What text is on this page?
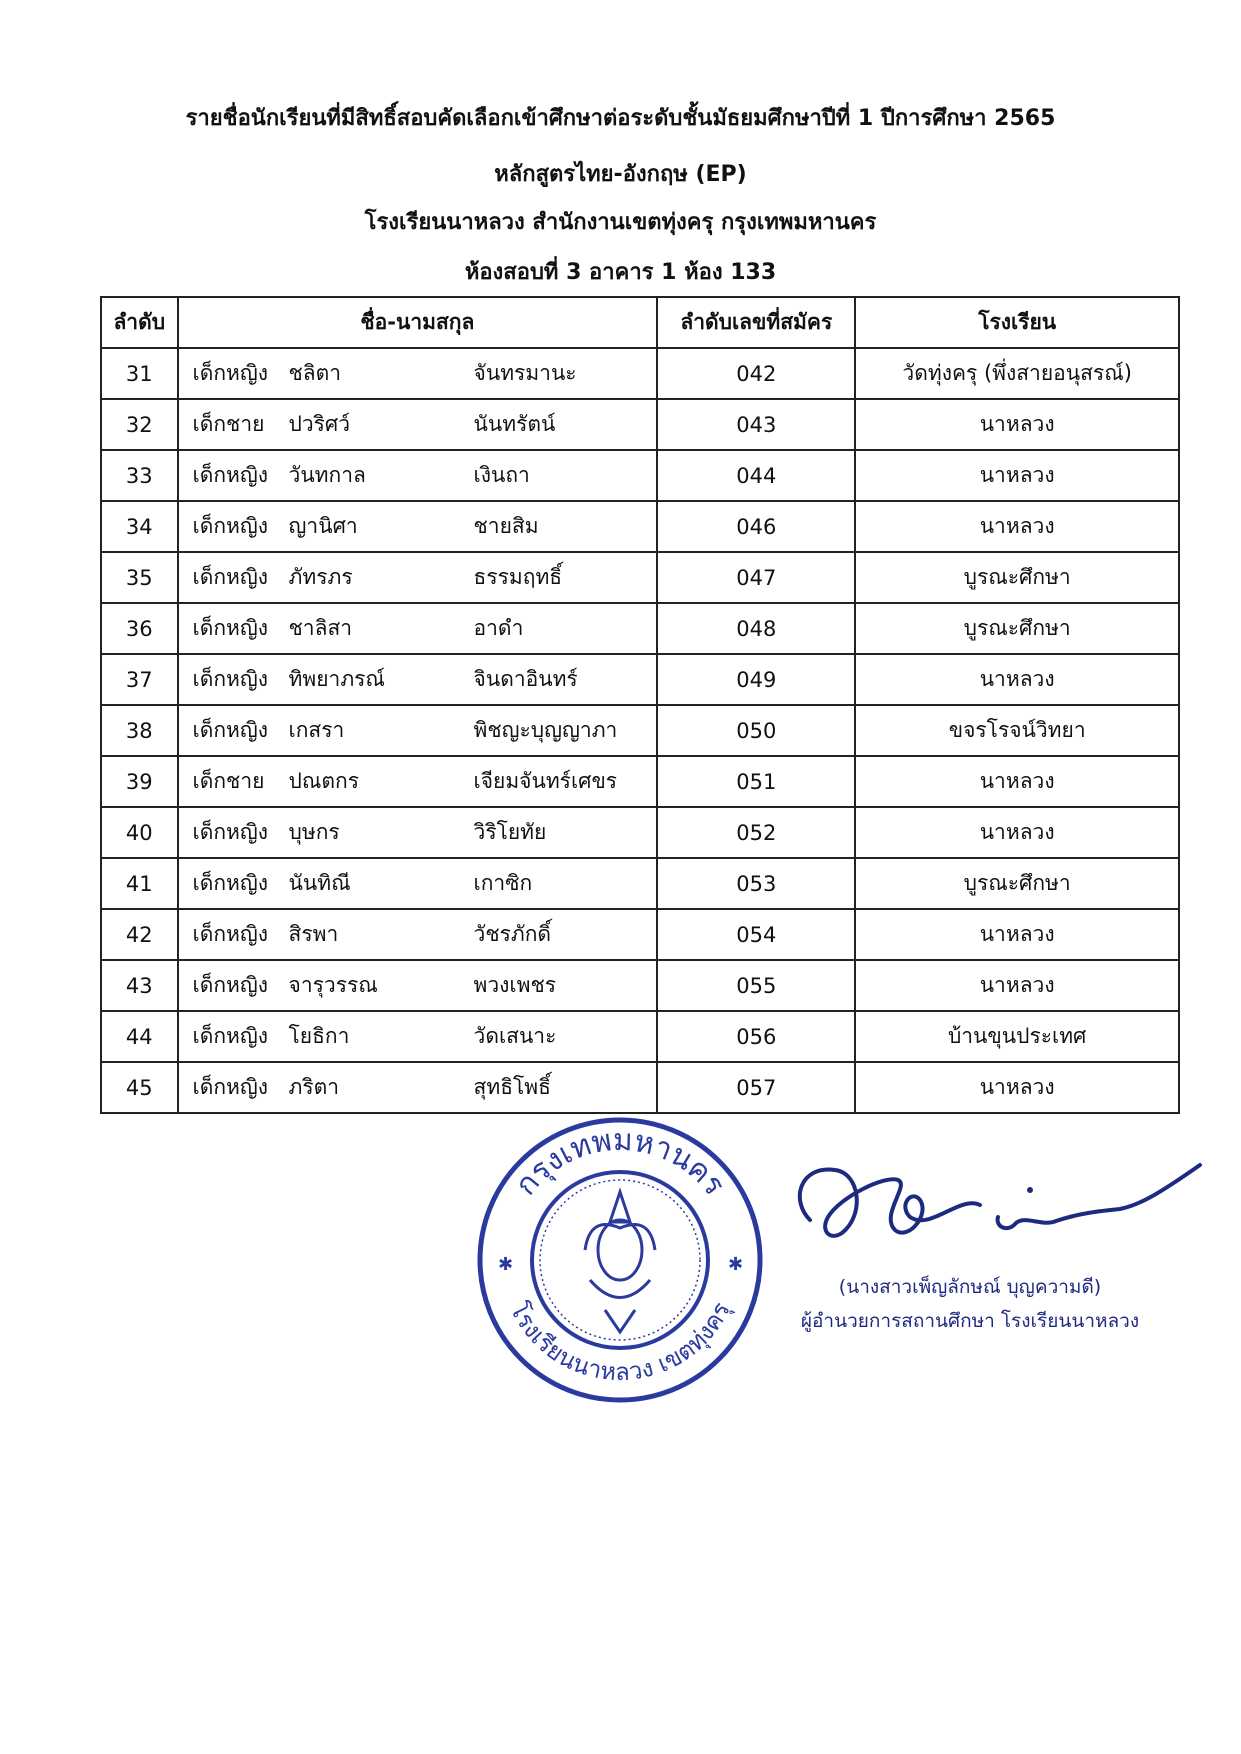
รายชื่อนักเรียนที่มีสิทธิ์สอบคัดเลือกเข้าศึกษาต่อระดับชั้นมัธยมศึกษาปีที่ 1 ปีการศึกษา 2565
หลักสูตรไทย-อังกฤษ (EP)
โรงเรียนนาหลวง สำนักงานเขตทุ่งครุ กรุงเทพมหานคร
ห้องสอบที่ 3 อาคาร 1 ห้อง 133
ลำดับ	ชื่อ-นามสกุล	ลำดับเลขที่สมัคร	โรงเรียน
31	เด็กหญิง ชลิตา จันทรมานะ	042	วัดทุ่งครุ (พึ่งสายอนุสรณ์)
32	เด็กชาย ปวริศว์ นันทรัตน์	043	นาหลวง
33	เด็กหญิง วันทกาล เงินถา	044	นาหลวง
34	เด็กหญิง ญานิศา ชายสิม	046	นาหลวง
35	เด็กหญิง ภัทรภร ธรรมฤทธิ์	047	บูรณะศึกษา
36	เด็กหญิง ชาลิสา อาดำ	048	บูรณะศึกษา
37	เด็กหญิง ทิพยาภรณ์ จินดาอินทร์	049	นาหลวง
38	เด็กหญิง เกสรา พิชญะบุญญาภา	050	ขจรโรจน์วิทยา
39	เด็กชาย ปณตกร เจียมจันทร์เศขร	051	นาหลวง
40	เด็กหญิง บุษกร วิริโยทัย	052	นาหลวง
41	เด็กหญิง นันทิณี เกาซิก	053	บูรณะศึกษา
42	เด็กหญิง สิรพา วัชรภักดิ์	054	นาหลวง
43	เด็กหญิง จารุวรรณ พวงเพชร	055	นาหลวง
44	เด็กหญิง โยธิกา วัดเสนาะ	056	บ้านขุนประเทศ
45	เด็กหญิง ภริตา สุทธิโพธิ์	057	นาหลวง
กรุงเทพมหานคร
โรงเรียนนาหลวง เขตทุ่งครุ
✱	✱
(นางสาวเพ็ญลักษณ์ บุญความดี)
ผู้อำนวยการสถานศึกษา โรงเรียนนาหลวง
